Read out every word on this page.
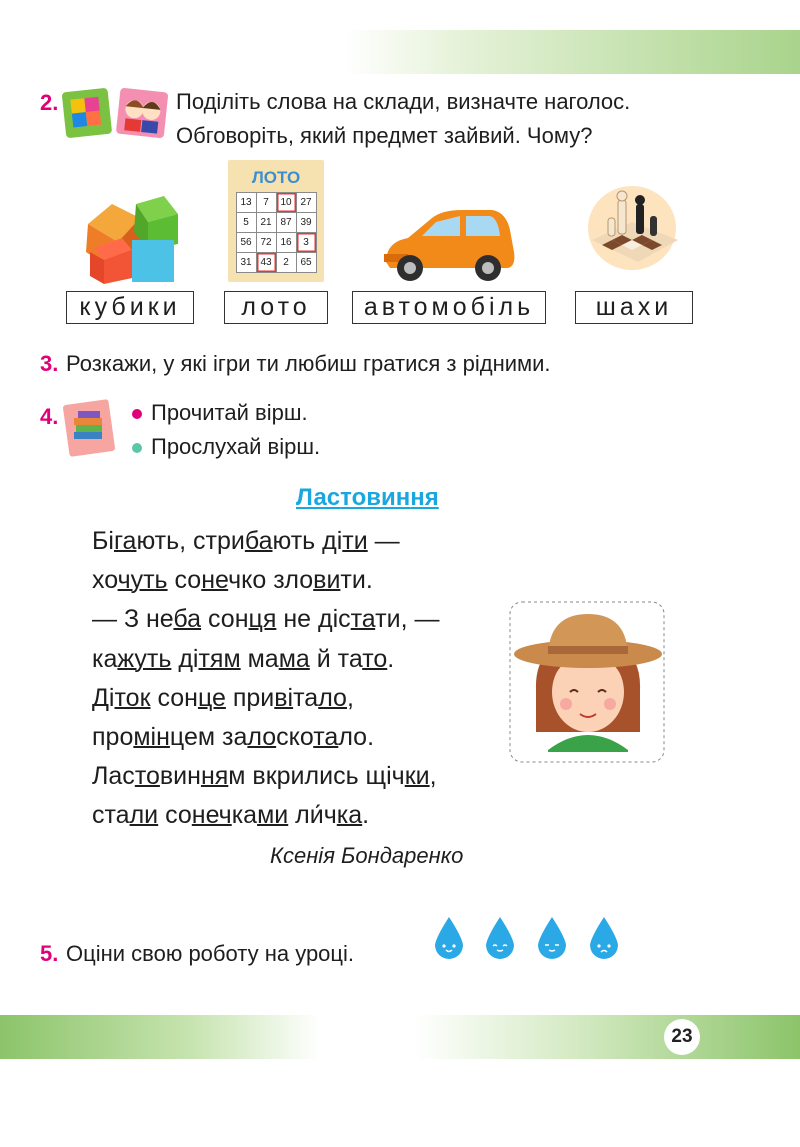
23
2.	Поділіть слова на склади, визначте наголос.
Обговоріть, який предмет зайвий. Чому?
ЛОТО
13	7	10	27
5	21	87	39
56	72	16	3
31	43	2	65
кубики	лото	автомобіль	шахи
3. Розкажи, у які ігри ти любиш гратися з рідними.
4.	Прочитай вірш.
Прослухай вірш.
Ластовиння
Бігають, стрибають діти —
хочуть сонечко зловити.
— З неба сонця не дістати, —
кажуть дітям мама й тато.
Діток сонце привітало,
промінцем залоскотало.
Ластовинням вкрились щічки,
стали сонечками ли́чка.
Ксенія Бондаренко
5. Оціни свою роботу на уроці.
